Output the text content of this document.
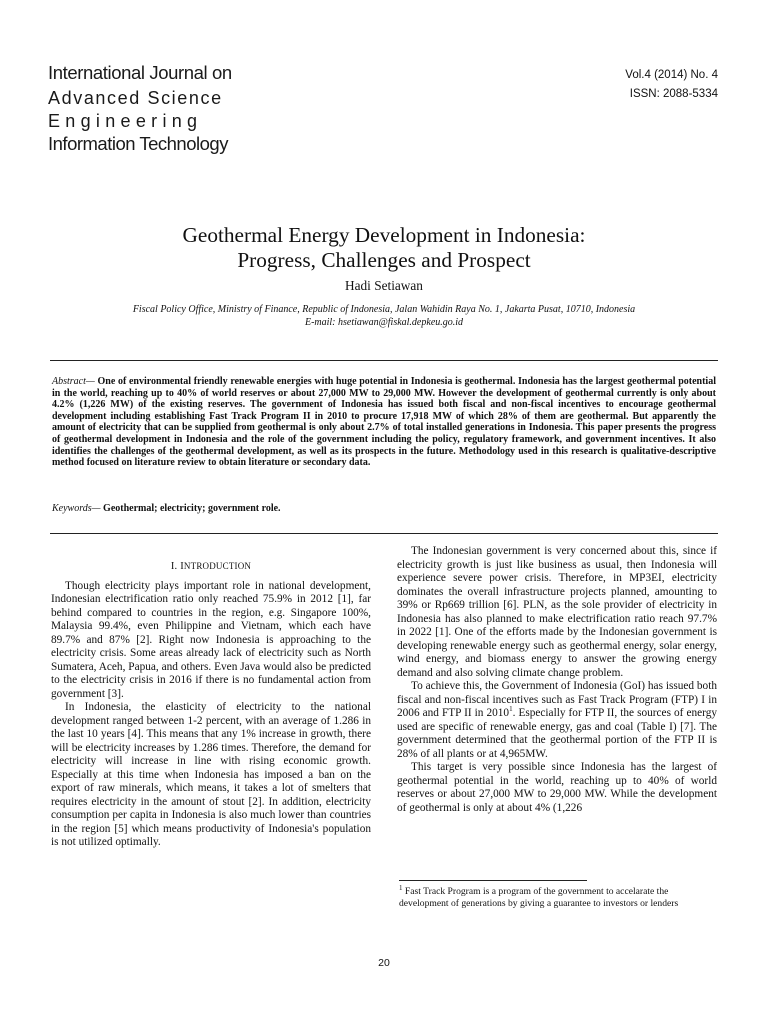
International Journal on
Advanced Science
Engineering
Information Technology
Vol.4 (2014) No. 4
ISSN: 2088-5334
Geothermal Energy Development in Indonesia:
Progress, Challenges and Prospect
Hadi Setiawan
Fiscal Policy Office, Ministry of Finance, Republic of Indonesia, Jalan Wahidin Raya No. 1, Jakarta Pusat, 10710, Indonesia
E-mail: hsetiawan@fiskal.depkeu.go.id
Abstract— One of environmental friendly renewable energies with huge potential in Indonesia is geothermal. Indonesia has the largest geothermal potential in the world, reaching up to 40% of world reserves or about 27,000 MW to 29,000 MW. However the development of geothermal currently is only about 4.2% (1,226 MW) of the existing reserves. The government of Indonesia has issued both fiscal and non-fiscal incentives to encourage geothermal development including establishing Fast Track Program II in 2010 to procure 17,918 MW of which 28% of them are geothermal. But apparently the amount of electricity that can be supplied from geothermal is only about 2.7% of total installed generations in Indonesia. This paper presents the progress of geothermal development in Indonesia and the role of the government including the policy, regulatory framework, and government incentives. It also identifies the challenges of the geothermal development, as well as its prospects in the future. Methodology used in this research is qualitative-descriptive method focused on literature review to obtain literature or secondary data.
Keywords— Geothermal; electricity; government role.
I. INTRODUCTION

Though electricity plays important role in national development, Indonesian electrification ratio only reached 75.9% in 2012 [1], far behind compared to countries in the region, e.g. Singapore 100%, Malaysia 99.4%, even Philippine and Vietnam, which each have 89.7% and 87% [2]. Right now Indonesia is approaching to the electricity crisis. Some areas already lack of electricity such as North Sumatera, Aceh, Papua, and others. Even Java would also be predicted to the electricity crisis in 2016 if there is no fundamental action from government [3].

In Indonesia, the elasticity of electricity to the national development ranged between 1-2 percent, with an average of 1.286 in the last 10 years [4]. This means that any 1% increase in growth, there will be electricity increases by 1.286 times. Therefore, the demand for electricity will increase in line with rising economic growth. Especially at this time when Indonesia has imposed a ban on the export of raw minerals, which means, it takes a lot of smelters that requires electricity in the amount of stout [2]. In addition, electricity consumption per capita in Indonesia is also much lower than countries in the region [5] which means productivity of Indonesia's population is not utilized optimally.

The Indonesian government is very concerned about this, since if electricity growth is just like business as usual, then Indonesia will experience severe power crisis. Therefore, in MP3EI, electricity dominates the overall infrastructure projects planned, amounting to 39% or Rp669 trillion [6]. PLN, as the sole provider of electricity in Indonesia has also planned to make electrification ratio reach 97.7% in 2022 [1]. One of the efforts made by the Indonesian government is developing renewable energy such as geothermal energy, solar energy, wind energy, and biomass energy to answer the growing energy demand and also solving climate change problem.

To achieve this, the Government of Indonesia (GoI) has issued both fiscal and non-fiscal incentives such as Fast Track Program (FTP) I in 2006 and FTP II in 2010$^1$. Especially for FTP II, the sources of energy used are specific of renewable energy, gas and coal (Table I) [7]. The government determined that the geothermal portion of the FTP II is 28% of all plants or at 4,965MW.

This target is very possible since Indonesia has the largest of geothermal potential in the world, reaching up to 40% of world reserves or about 27,000 MW to 29,000 MW. While the development of geothermal is only at about 4% (1,226

$^1$ Fast Track Program is a program of the government to accelarate the development of generations by giving a guarantee to investors or lenders
20
